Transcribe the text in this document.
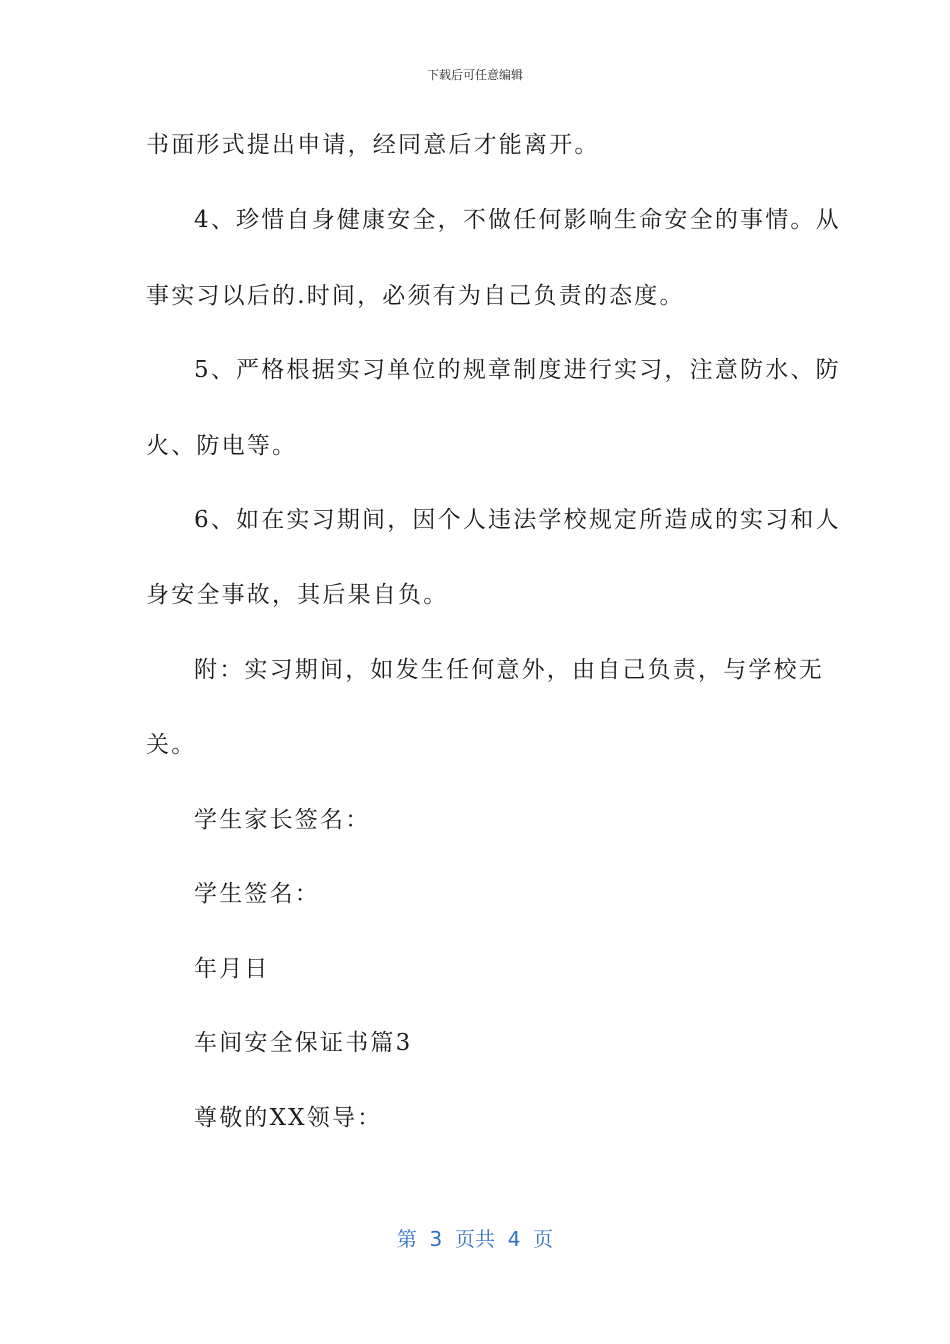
下载后可任意编辑
书面形式提出申请，经同意后才能离开。
4、珍惜自身健康安全，不做任何影响生命安全的事情。从
事实习以后的.时间，必须有为自己负责的态度。
5、严格根据实习单位的规章制度进行实习，注意防水、防
火、防电等。
6、如在实习期间，因个人违法学校规定所造成的实习和人
身安全事故，其后果自负。
附：实习期间，如发生任何意外，由自己负责，与学校无
关。
学生家长签名：
学生签名：
年月日
车间安全保证书篇3
尊敬的XX领导：
第  3  页共  4  页
